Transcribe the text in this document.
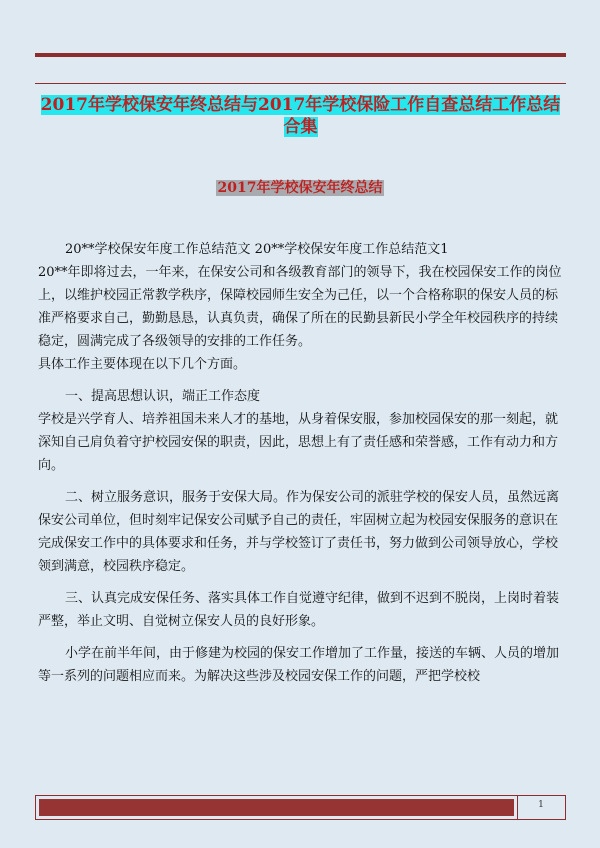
2017年学校保安年终总结与2017年学校保险工作自查总结工作总结合集
2017年学校保安年终总结

20**学校保安年度工作总结范文 20**学校保安年度工作总结范文1

20**年即将过去，一年来，在保安公司和各级教育部门的领导下，我在校园保安工作的岗位上，以维护校园正常教学秩序，保障校园师生安全为己任，以一个合格称职的保安人员的标准严格要求自己，勤勤恳恳，认真负责，确保了所在的民勤县新民小学全年校园秩序的持续稳定，圆满完成了各级领导的安排的工作任务。

具体工作主要体现在以下几个方面。

一、提高思想认识，端正工作态度

学校是兴学育人、培养祖国未来人才的基地，从身着保安服，参加校园保安的那一刻起，就深知自己肩负着守护校园安保的职责，因此，思想上有了责任感和荣誉感，工作有动力和方向。

二、树立服务意识，服务于安保大局。作为保安公司的派驻学校的保安人员，虽然远离保安公司单位，但时刻牢记保安公司赋予自己的责任，牢固树立起为校园安保服务的意识在完成保安工作中的具体要求和任务，并与学校签订了责任书，努力做到公司领导放心，学校领到满意，校园秩序稳定。

三、认真完成安保任务、落实具体工作自觉遵守纪律，做到不迟到不脱岗，上岗时着装严整，举止文明、自觉树立保安人员的良好形象。

小学在前半年间，由于修建为校园的保安工作增加了工作量，接送的车辆、人员的增加等一系列的问题相应而来。为解决这些涉及校园安保工作的问题，严把学校校

1
